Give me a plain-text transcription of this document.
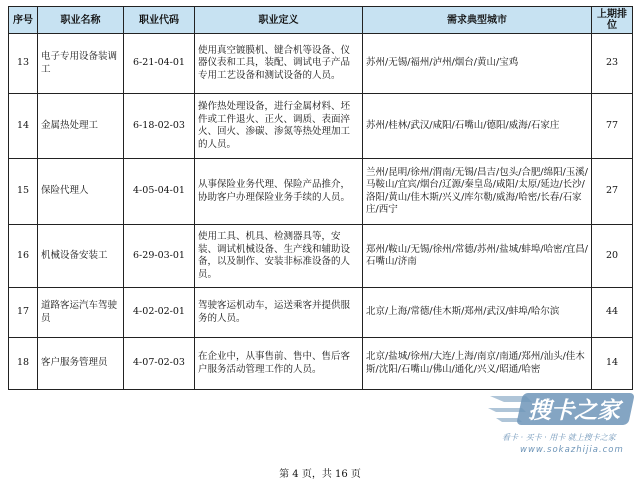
序号	职业名称	职业代码	职业定义	需求典型城市	上期排位
13	电子专用设备装调工	6-21-04-01	使用真空镀膜机、键合机等设备、仪器仪表和工具，装配、调试电子产品专用工艺设备和测试设备的人员。	苏州/无锡/福州/泸州/烟台/黄山/宝鸡	23
14	金属热处理工	6-18-02-03	操作热处理设备，进行金属材料、坯件或工件退火、正火、调质、表面淬火、回火、渗碳、渗氮等热处理加工的人员。	苏州/桂林/武汉/咸阳/石嘴山/德阳/威海/石家庄	77
15	保险代理人	4-05-04-01	从事保险业务代理、保险产品推介，协助客户办理保险业务手续的人员。	兰州/昆明/徐州/渭南/无锡/昌吉/包头/合肥/绵阳/玉溪/马鞍山/宜宾/烟台/辽源/秦皇岛/咸阳/太原/延边/长沙/洛阳/黄山/佳木斯/兴义/库尔勒/威海/哈密/长春/石家庄/西宁	27
16	机械设备安装工	6-29-03-01	使用工具、机具、检测器具等，安装、调试机械设备、生产线和辅助设备，以及制作、安装非标准设备的人员。	郑州/鞍山/无锡/徐州/常德/苏州/盐城/蚌埠/哈密/宜昌/石嘴山/济南	20
17	道路客运汽车驾驶员	4-02-02-01	驾驶客运机动车，运送乘客并提供服务的人员。	北京/上海/常德/佳木斯/郑州/武汉/蚌埠/哈尔滨	44
18	客户服务管理员	4-07-02-03	在企业中，从事售前、售中、售后客户服务活动管理工作的人员。	北京/盐城/徐州/大连/上海/南京/南通/郑州/汕头/佳木斯/沈阳/石嘴山/佛山/通化/兴义/昭通/哈密	14
搜卡之家
看卡 · 买卡 · 用卡 就上搜卡之家
www.sokazhijia.com
第 4 页，共 16 页
